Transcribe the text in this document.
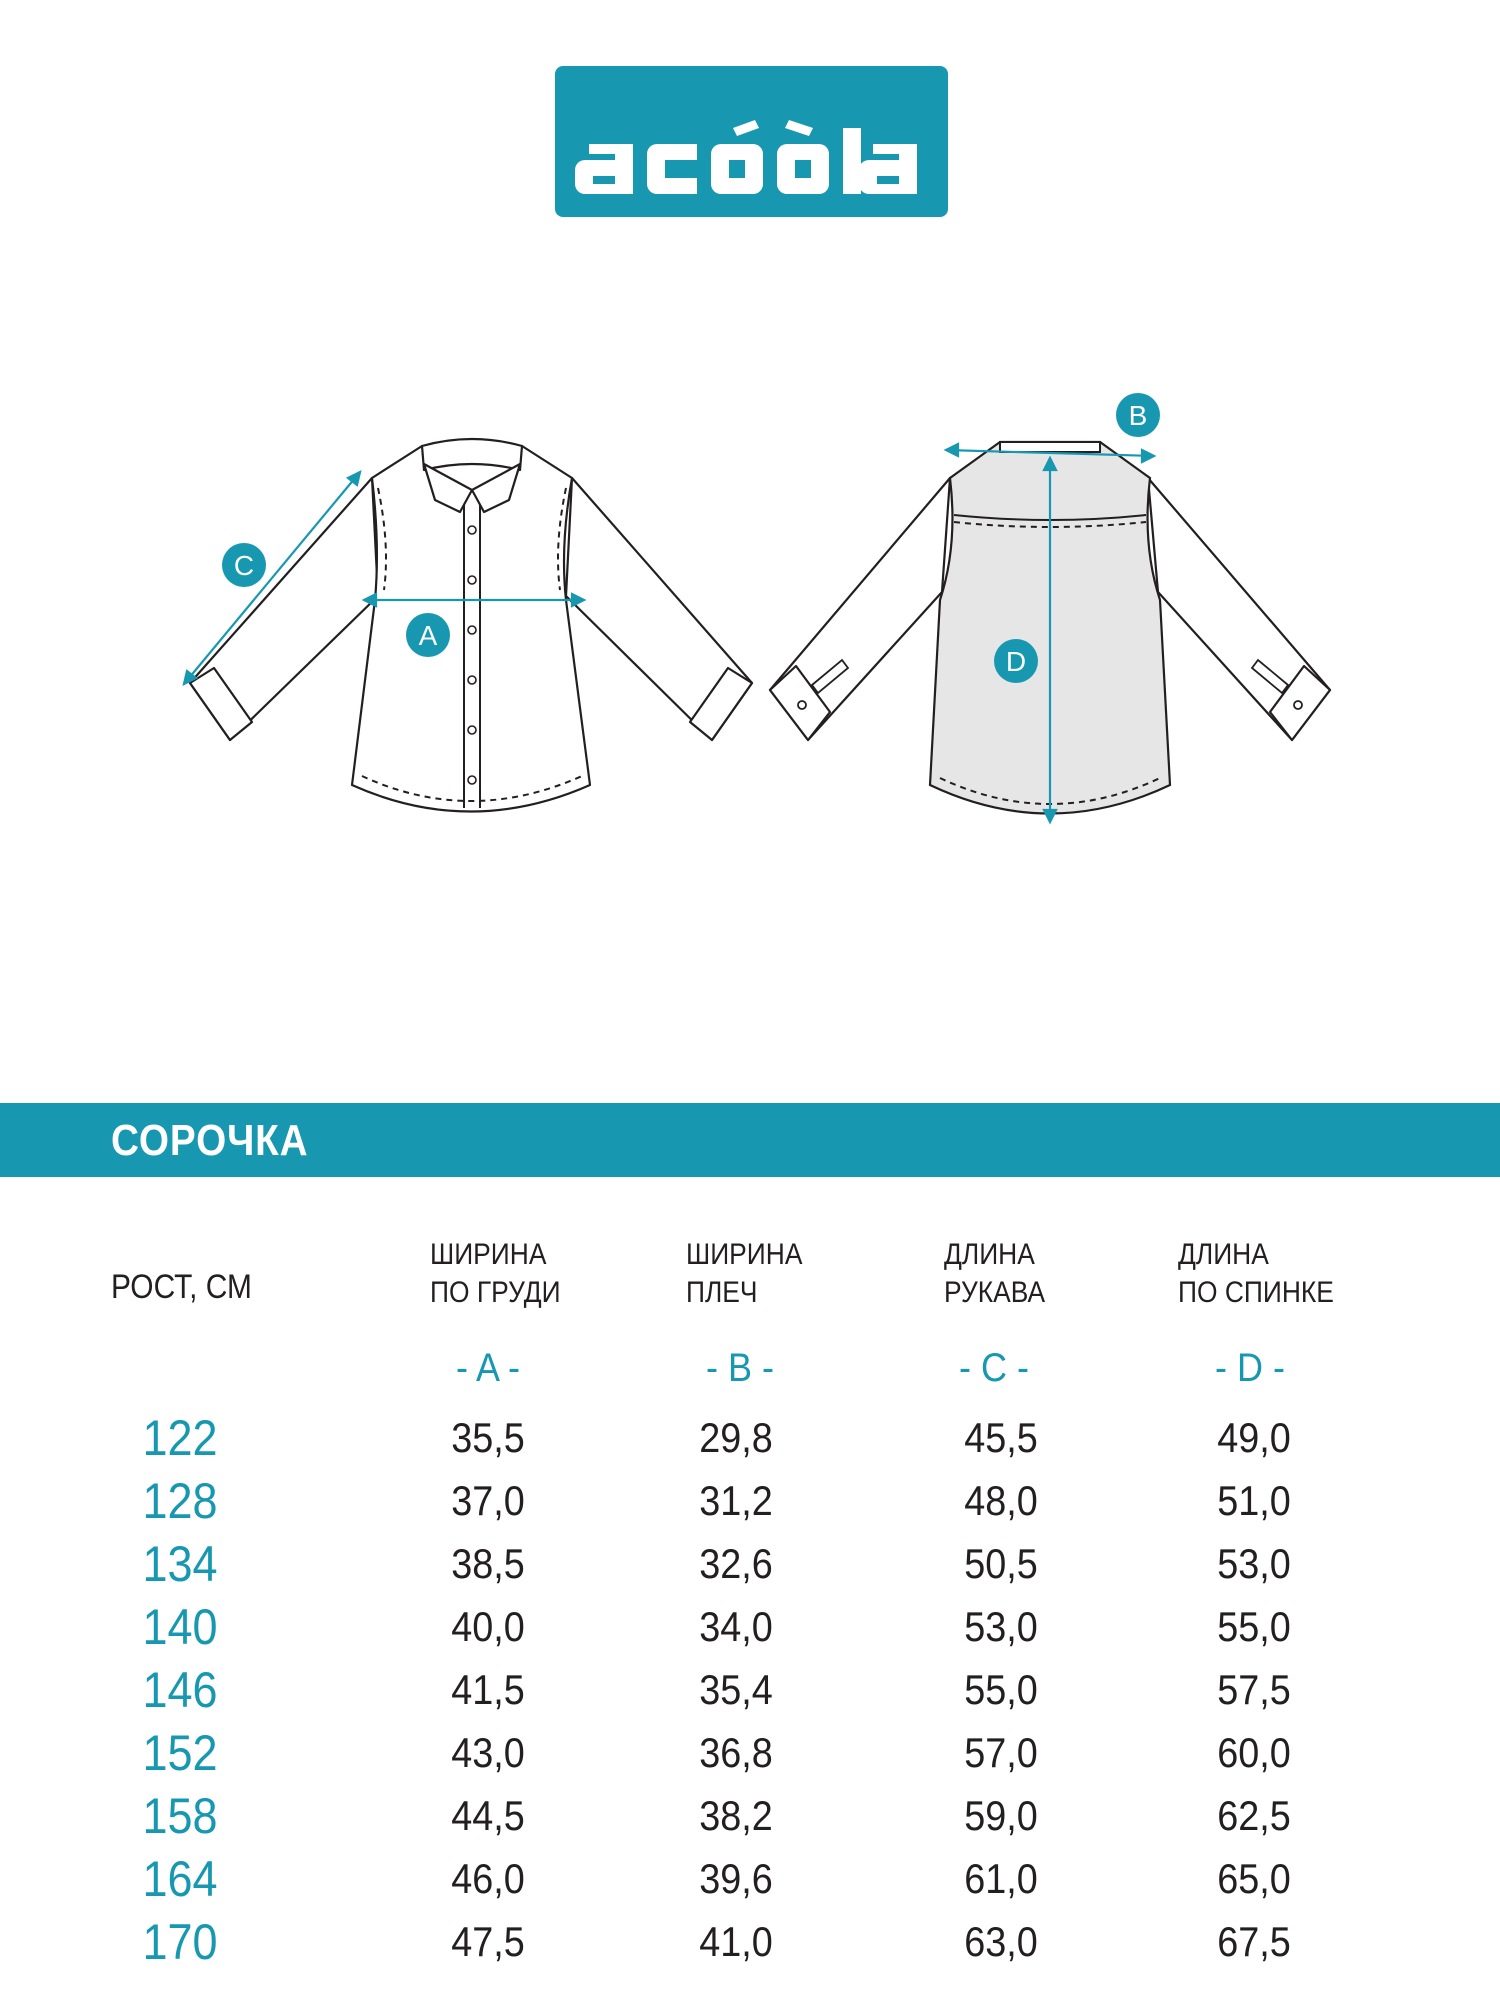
A
B
C
D
СОРОЧКА
РОСТ, СМ
ШИРИНА
ПО ГРУДИ
ШИРИНА
ПЛЕЧ
ДЛИНА
РУКАВА
ДЛИНА
ПО СПИНКЕ
- A -	- B -	- C -	- D -
122	35,5	29,8	45,5	49,0
128	37,0	31,2	48,0	51,0
134	38,5	32,6	50,5	53,0
140	40,0	34,0	53,0	55,0
146	41,5	35,4	55,0	57,5
152	43,0	36,8	57,0	60,0
158	44,5	38,2	59,0	62,5
164	46,0	39,6	61,0	65,0
170	47,5	41,0	63,0	67,5
